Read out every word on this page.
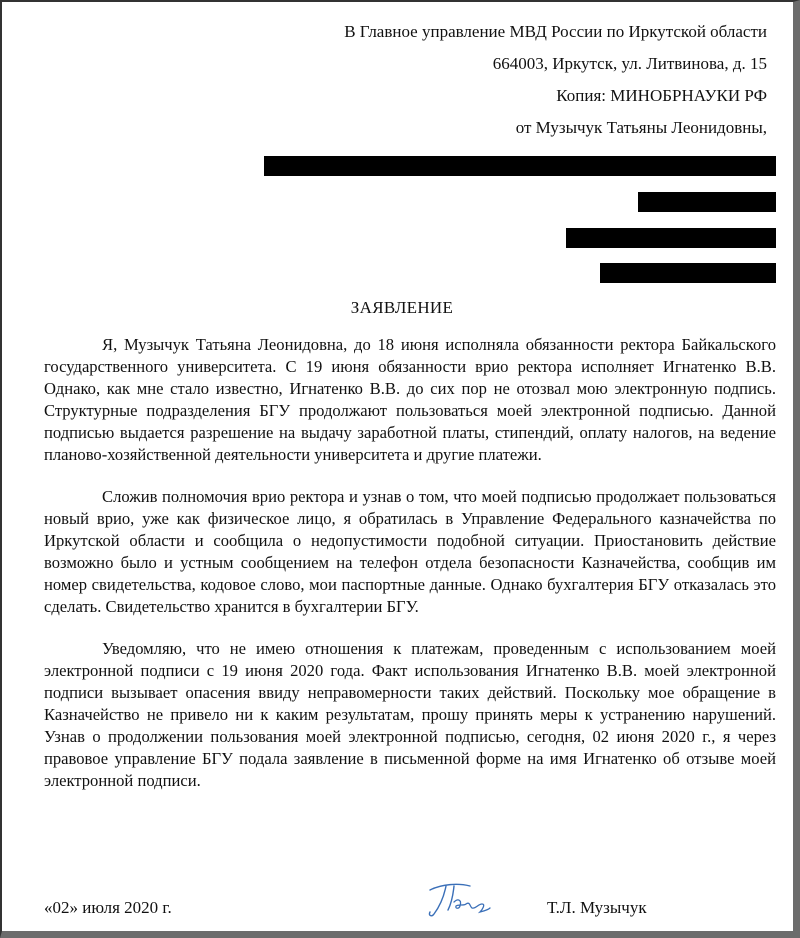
В Главное управление МВД России по Иркутской области
664003, Иркутск, ул. Литвинова, д. 15
Копия: МИНОБРНАУКИ РФ
от Музычук Татьяны Леонидовны,
ЗАЯВЛЕНИЕ

Я, Музычук Татьяна Леонидовна, до 18 июня исполняла обязанности ректора Байкальского государственного университета. С 19 июня обязанности врио ректора исполняет Игнатенко В.В. Однако, как мне стало известно, Игнатенко В.В. до сих пор не отозвал мою электронную подпись. Структурные подразделения БГУ продолжают пользоваться моей электронной подписью. Данной подписью выдается разрешение на выдачу заработной платы, стипендий, оплату налогов, на ведение планово-хозяйственной деятельности университета и другие платежи.

Сложив полномочия врио ректора и узнав о том, что моей подписью продолжает пользоваться новый врио, уже как физическое лицо, я обратилась в Управление Федерального казначейства по Иркутской области и сообщила о недопустимости подобной ситуации. Приостановить действие возможно было и устным сообщением на телефон отдела безопасности Казначейства, сообщив им номер свидетельства, кодовое слово, мои паспортные данные. Однако бухгалтерия БГУ отказалась это сделать. Свидетельство хранится в бухгалтерии БГУ.

Уведомляю, что не имею отношения к платежам, проведенным с использованием моей электронной подписи с 19 июня 2020 года. Факт использования Игнатенко В.В. моей электронной подписи вызывает опасения ввиду неправомерности таких действий. Поскольку мое обращение в Казначейство не привело ни к каким результатам, прошу принять меры к устранению нарушений. Узнав о продолжении пользования моей электронной подписью, сегодня, 02 июня 2020 г., я через правовое управление БГУ подала заявление в письменной форме на имя Игнатенко об отзыве моей электронной подписи.

«02» июля 2020 г.	Т.Л. Музычук
